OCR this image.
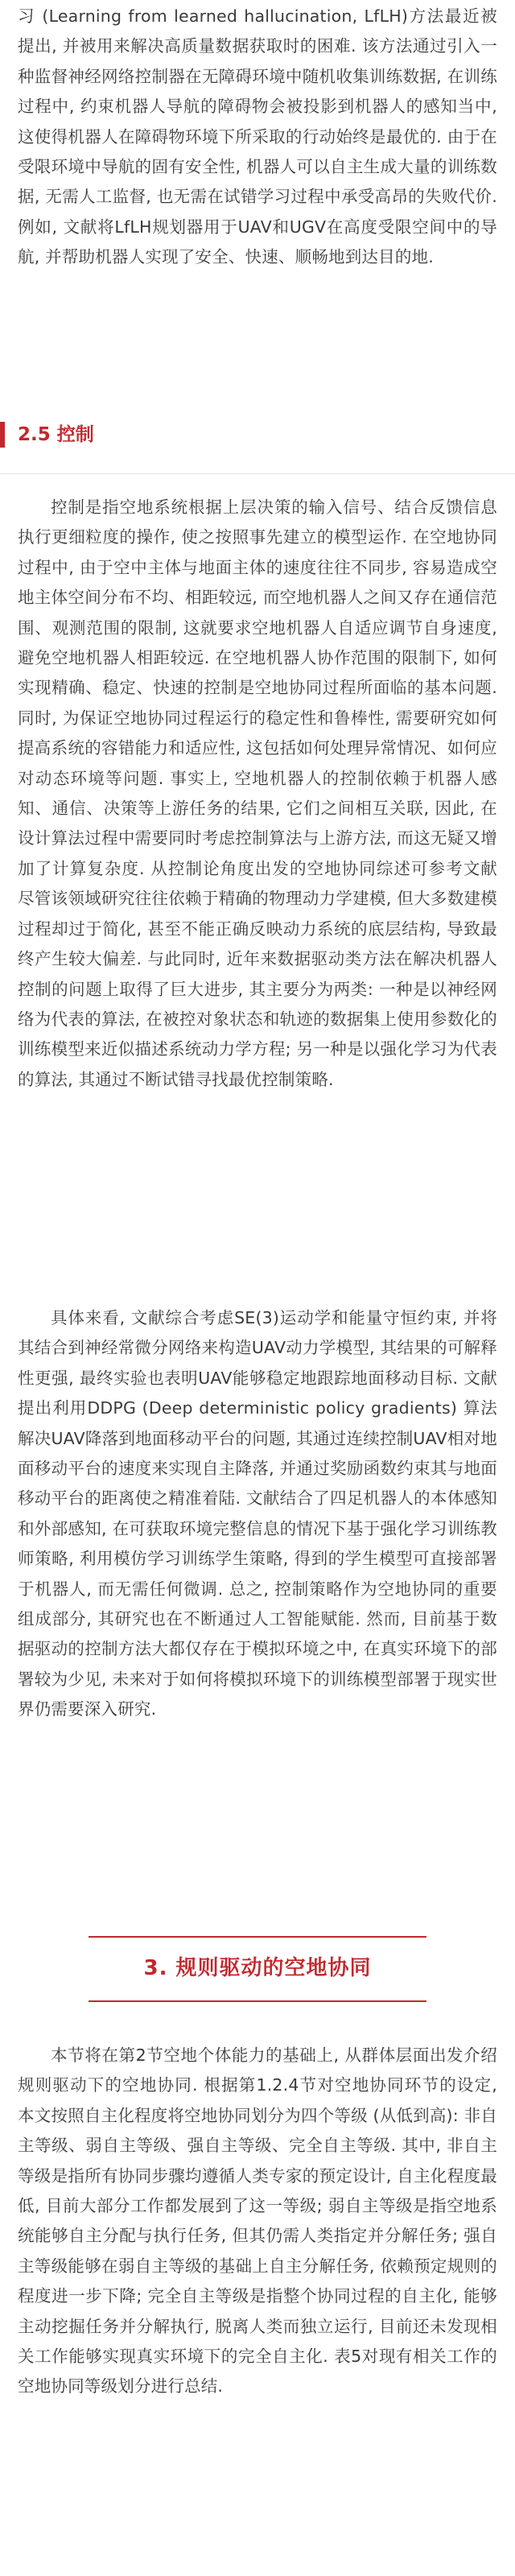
习 (Learning from learned hallucination, LfLH)方法最近被提出, 并被用来解决高质量数据获取时的困难. 该方法通过引入一种监督神经网络控制器在无障碍环境中随机收集训练数据, 在训练过程中, 约束机器人导航的障碍物会被投影到机器人的感知当中, 这使得机器人在障碍物环境下所采取的行动始终是最优的. 由于在受限环境中导航的固有安全性, 机器人可以自主生成大量的训练数据, 无需人工监督, 也无需在试错学习过程中承受高昂的失败代价. 例如, 文献将LfLH规划器用于UAV和UGV在高度受限空间中的导航, 并帮助机器人实现了安全、快速、顺畅地到达目的地.

2.5 控制

控制是指空地系统根据上层决策的输入信号、结合反馈信息执行更细粒度的操作, 使之按照事先建立的模型运作. 在空地协同过程中, 由于空中主体与地面主体的速度往往不同步, 容易造成空地主体空间分布不均、相距较远, 而空地机器人之间又存在通信范围、观测范围的限制, 这就要求空地机器人自适应调节自身速度, 避免空地机器人相距较远. 在空地机器人协作范围的限制下, 如何实现精确、稳定、快速的控制是空地协同过程所面临的基本问题. 同时, 为保证空地协同过程运行的稳定性和鲁棒性, 需要研究如何提高系统的容错能力和适应性, 这包括如何处理异常情况、如何应对动态环境等问题. 事实上, 空地机器人的控制依赖于机器人感知、通信、决策等上游任务的结果, 它们之间相互关联, 因此, 在设计算法过程中需要同时考虑控制算法与上游方法, 而这无疑又增加了计算复杂度. 从控制论角度出发的空地协同综述可参考文献 尽管该领域研究往往依赖于精确的物理动力学建模, 但大多数建模过程却过于简化, 甚至不能正确反映动力系统的底层结构, 导致最终产生较大偏差. 与此同时, 近年来数据驱动类方法在解决机器人控制的问题上取得了巨大进步, 其主要分为两类: 一种是以神经网络为代表的算法, 在被控对象状态和轨迹的数据集上使用参数化的训练模型来近似描述系统动力学方程; 另一种是以强化学习为代表的算法, 其通过不断试错寻找最优控制策略.

具体来看, 文献综合考虑SE(3)运动学和能量守恒约束, 并将其结合到神经常微分网络来构造UAV动力学模型, 其结果的可解释性更强, 最终实验也表明UAV能够稳定地跟踪地面移动目标. 文献提出利用DDPG (Deep deterministic policy gradients) 算法解决UAV降落到地面移动平台的问题, 其通过连续控制UAV相对地面移动平台的速度来实现自主降落, 并通过奖励函数约束其与地面移动平台的距离使之精准着陆. 文献结合了四足机器人的本体感知和外部感知, 在可获取环境完整信息的情况下基于强化学习训练教师策略, 利用模仿学习训练学生策略, 得到的学生模型可直接部署于机器人, 而无需任何微调. 总之, 控制策略作为空地协同的重要组成部分, 其研究也在不断通过人工智能赋能. 然而, 目前基于数据驱动的控制方法大都仅存在于模拟环境之中, 在真实环境下的部署较为少见, 未来对于如何将模拟环境下的训练模型部署于现实世界仍需要深入研究.

3. 规则驱动的空地协同

本节将在第2节空地个体能力的基础上, 从群体层面出发介绍规则驱动下的空地协同. 根据第1.2.4节对空地协同环节的设定, 本文按照自主化程度将空地协同划分为四个等级 (从低到高): 非自主等级、弱自主等级、强自主等级、完全自主等级. 其中, 非自主等级是指所有协同步骤均遵循人类专家的预定设计, 自主化程度最低, 目前大部分工作都发展到了这一等级; 弱自主等级是指空地系统能够自主分配与执行任务, 但其仍需人类指定并分解任务; 强自主等级能够在弱自主等级的基础上自主分解任务, 依赖预定规则的程度进一步下降; 完全自主等级是指整个协同过程的自主化, 能够主动挖掘任务并分解执行, 脱离人类而独立运行, 目前还未发现相关工作能够实现真实环境下的完全自主化. 表5对现有相关工作的空地协同等级划分进行总结.
